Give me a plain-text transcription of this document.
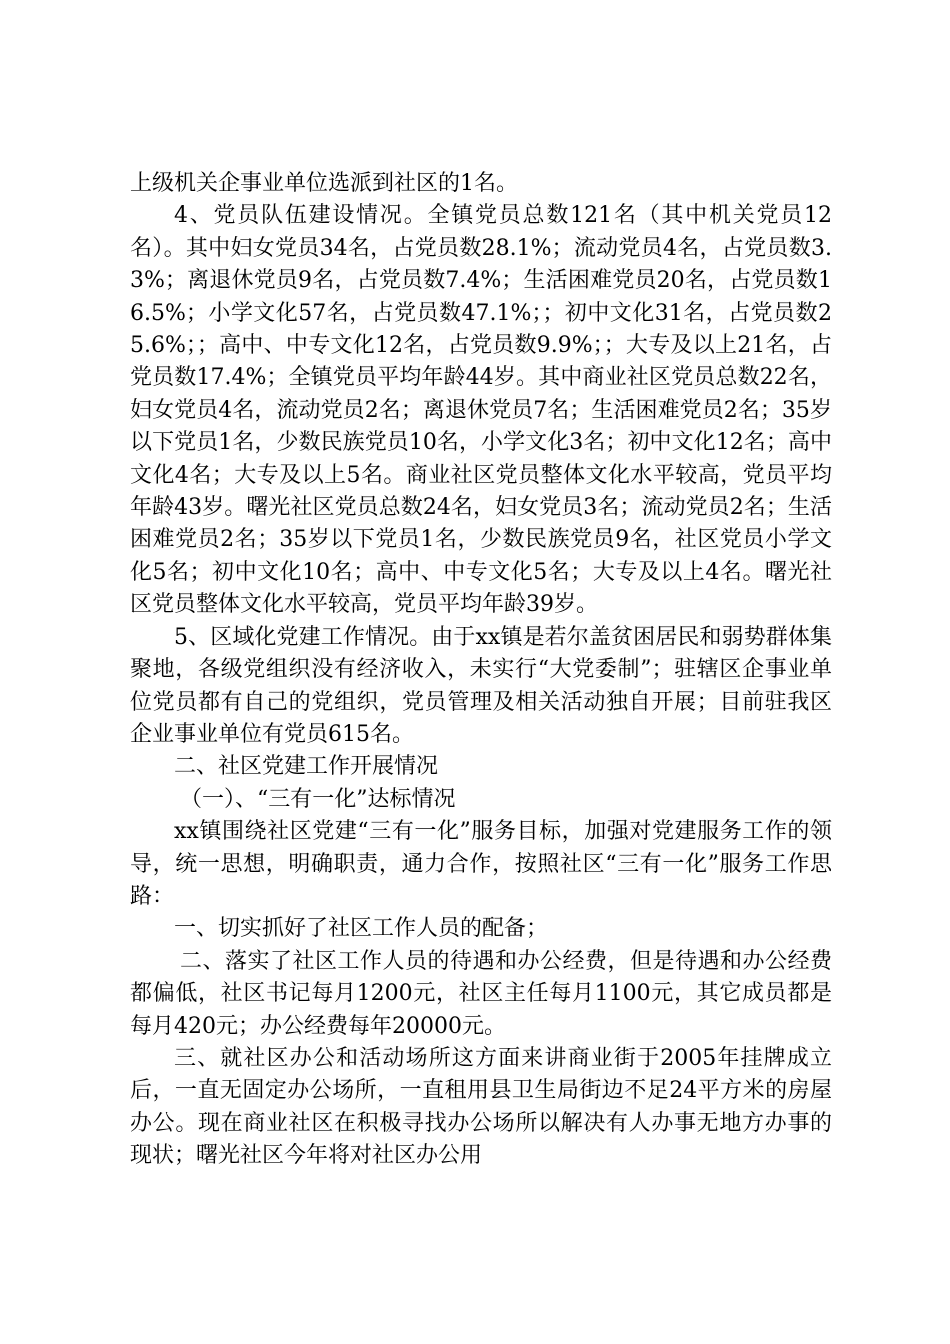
上级机关企事业单位选派到社区的1名。

4、党员队伍建设情况。全镇党员总数121名（其中机关党员12名）。其中妇女党员34名，占党员数28.1%；流动党员4名，占党员数3.3%；离退休党员9名，占党员数7.4%；生活困难党员20名，占党员数16.5%；小学文化57名，占党员数47.1%；；初中文化31名，占党员数25.6%；；高中、中专文化12名，占党员数9.9%；；大专及以上21名，占党员数17.4%；全镇党员平均年龄44岁。其中商业社区党员总数22名，妇女党员4名，流动党员2名；离退休党员7名；生活困难党员2名；35岁以下党员1名，少数民族党员10名，小学文化3名；初中文化12名；高中文化4名；大专及以上5名。商业社区党员整体文化水平较高，党员平均年龄43岁。曙光社区党员总数24名，妇女党员3名；流动党员2名；生活困难党员2名；35岁以下党员1名，少数民族党员9名，社区党员小学文化5名；初中文化10名；高中、中专文化5名；大专及以上4名。曙光社区党员整体文化水平较高，党员平均年龄39岁。

5、区域化党建工作情况。由于xx镇是若尔盖贫困居民和弱势群体集聚地，各级党组织没有经济收入，未实行“大党委制”；驻辖区企事业单位党员都有自己的党组织，党员管理及相关活动独自开展；目前驻我区企业事业单位有党员615名。

二、社区党建工作开展情况

（一）、“三有一化”达标情况

xx镇围绕社区党建“三有一化”服务目标，加强对党建服务工作的领导，统一思想，明确职责，通力合作，按照社区“三有一化”服务工作思路：

一、切实抓好了社区工作人员的配备；

二、落实了社区工作人员的待遇和办公经费，但是待遇和办公经费都偏低，社区书记每月1200元，社区主任每月1100元，其它成员都是每月420元；办公经费每年20000元。

三、就社区办公和活动场所这方面来讲商业街于2005年挂牌成立后，一直无固定办公场所，一直租用县卫生局街边不足24平方米的房屋办公。现在商业社区在积极寻找办公场所以解决有人办事无地方办事的现状；曙光社区今年将对社区办公用
